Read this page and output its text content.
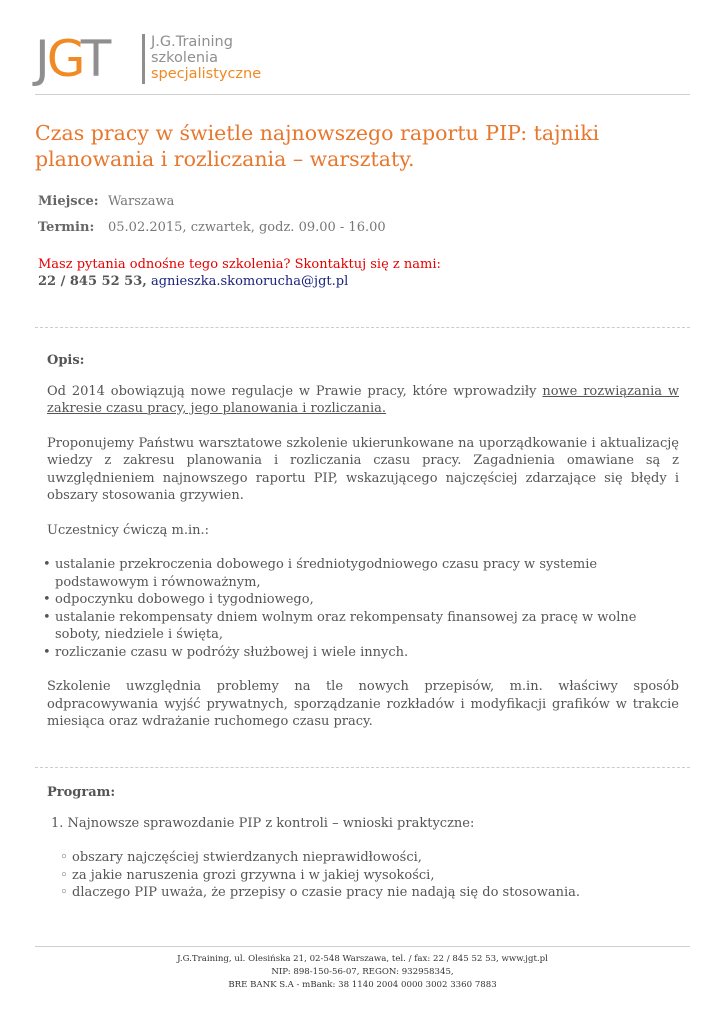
JGT	J.G.Training
szkolenia
specjalistyczne
Czas pracy w świetle najnowszego raportu PIP: tajniki planowania i rozliczania – warsztaty.
Miejsce: Warszawa
Termin: 05.02.2015, czwartek, godz. 09.00 - 16.00
Masz pytania odnośne tego szkolenia? Skontaktuj się z nami:
22 / 845 52 53, agnieszka.skomorucha@jgt.pl
Opis:

Od 2014 obowiązują nowe regulacje w Prawie pracy, które wprowadziły nowe rozwiązania w zakresie czasu pracy, jego planowania i rozliczania.

Proponujemy Państwu warsztatowe szkolenie ukierunkowane na uporządkowanie i aktualizację wiedzy z zakresu planowania i rozliczania czasu pracy. Zagadnienia omawiane są z uwzględnieniem najnowszego raportu PIP, wskazującego najczęściej zdarzające się błędy i obszary stosowania grzywien.

Uczestnicy ćwiczą m.in.:

• ustalanie przekroczenia dobowego i średniotygodniowego czasu pracy w systemie podstawowym i równoważnym,
• odpoczynku dobowego i tygodniowego,
• ustalanie rekompensaty dniem wolnym oraz rekompensaty finansowej za pracę w wolne soboty, niedziele i święta,
• rozliczanie czasu w podróży służbowej i wiele innych.

Szkolenie uwzględnia problemy na tle nowych przepisów, m.in. właściwy sposób odpracowywania wyjść prywatnych, sporządzanie rozkładów i modyfikacji grafików w trakcie miesiąca oraz wdrażanie ruchomego czasu pracy.

Program:
1. Najnowsze sprawozdanie PIP z kontroli – wnioski praktyczne:
◦ obszary najczęściej stwierdzanych nieprawidłowości,
◦ za jakie naruszenia grozi grzywna i w jakiej wysokości,
◦ dlaczego PIP uważa, że przepisy o czasie pracy nie nadają się do stosowania.
J.G.Training, ul. Olesińska 21, 02-548 Warszawa, tel. / fax: 22 / 845 52 53, www.jgt.pl
NIP: 898-150-56-07, REGON: 932958345,
BRE BANK S.A - mBank: 38 1140 2004 0000 3002 3360 7883
